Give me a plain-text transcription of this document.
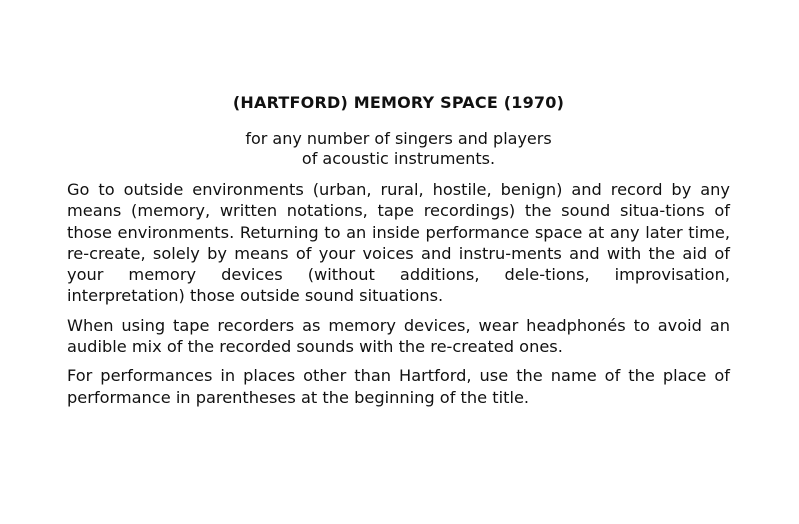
(HARTFORD) MEMORY SPACE (1970)
for any number of singers and players
of acoustic instruments.

Go to outside environments (urban, rural, hostile, benign) and record by any means (memory, written notations, tape recordings) the sound situa-tions of those environments. Returning to an inside performance space at any later time, re-create, solely by means of your voices and instru-ments and with the aid of your memory devices (without additions, dele-tions, improvisation, interpretation) those outside sound situations.

When using tape recorders as memory devices, wear headphonés to avoid an audible mix of the recorded sounds with the re-created ones.

For performances in places other than Hartford, use the name of the place of performance in parentheses at the beginning of the title.
